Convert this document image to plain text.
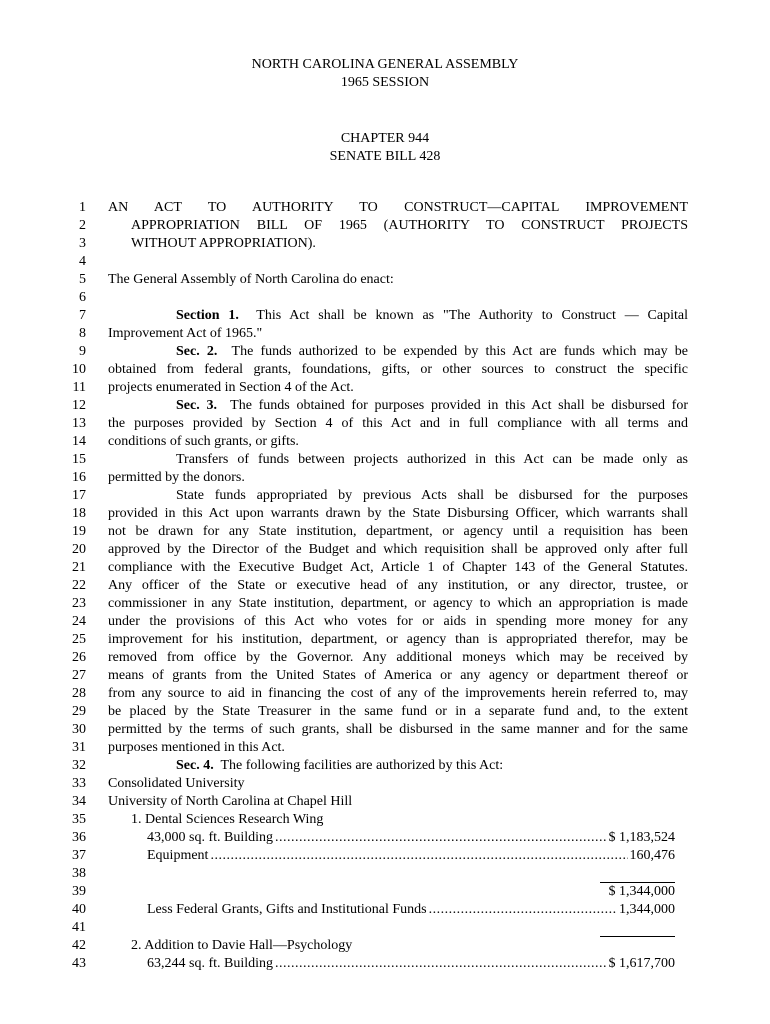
NORTH CAROLINA GENERAL ASSEMBLY
1965 SESSION
CHAPTER 944
SENATE BILL 428
1
2
3
4
5
6
7
8
9
10
11
12
13
14
15
16
17
18
19
20
21
22
23
24
25
26
27
28
29
30
31
32
33
34
35
36
37
38
39
40
41
42
43
AN ACT TO AUTHORITY TO CONSTRUCT—CAPITAL IMPROVEMENT
APPROPRIATION BILL OF 1965 (AUTHORITY TO CONSTRUCT PROJECTS
WITHOUT APPROPRIATION).
The General Assembly of North Carolina do enact:
Section 1. This Act shall be known as "The Authority to Construct — Capital
Improvement Act of 1965."
Sec. 2. The funds authorized to be expended by this Act are funds which may be
obtained from federal grants, foundations, gifts, or other sources to construct the specific
projects enumerated in Section 4 of the Act.
Sec. 3. The funds obtained for purposes provided in this Act shall be disbursed for
the purposes provided by Section 4 of this Act and in full compliance with all terms and
conditions of such grants, or gifts.
Transfers of funds between projects authorized in this Act can be made only as
permitted by the donors.
State funds appropriated by previous Acts shall be disbursed for the purposes
provided in this Act upon warrants drawn by the State Disbursing Officer, which warrants shall
not be drawn for any State institution, department, or agency until a requisition has been
approved by the Director of the Budget and which requisition shall be approved only after full
compliance with the Executive Budget Act, Article 1 of Chapter 143 of the General Statutes.
Any officer of the State or executive head of any institution, or any director, trustee, or
commissioner in any State institution, department, or agency to which an appropriation is made
under the provisions of this Act who votes for or aids in spending more money for any
improvement for his institution, department, or agency than is appropriated therefor, may be
removed from office by the Governor. Any additional moneys which may be received by
means of grants from the United States of America or any agency or department thereof or
from any source to aid in financing the cost of any of the improvements herein referred to, may
be placed by the State Treasurer in the same fund or in a separate fund and, to the extent
permitted by the terms of such grants, shall be disbursed in the same manner and for the same
purposes mentioned in this Act.
Sec. 4. The following facilities are authorized by this Act:
Consolidated University
University of North Carolina at Chapel Hill
1. Dental Sciences Research Wing
43,000 sq. ft. Building .....	$ 1,183,524
Equipment .....	160,476
$ 1,344,000
Less Federal Grants, Gifts and Institutional Funds .....	1,344,000
2. Addition to Davie Hall—Psychology
63,244 sq. ft. Building .....	$ 1,617,700
